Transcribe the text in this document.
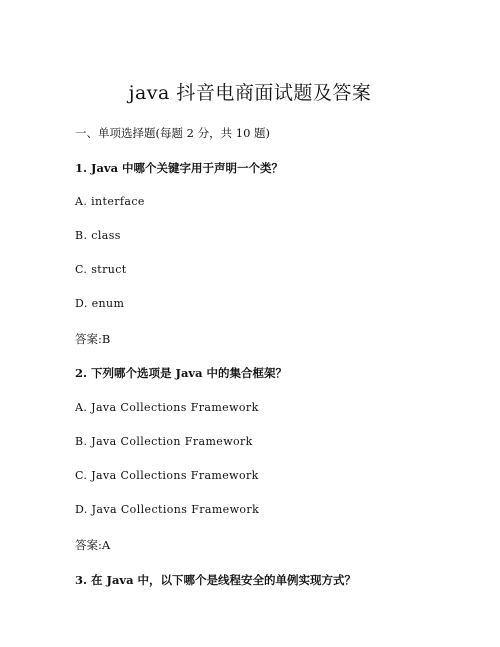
java 抖音电商面试题及答案
一、单项选择题(每题 2 分，共 10 题)
1. Java 中哪个关键字用于声明一个类？
A. interface
B. class
C. struct
D. enum
答案:B
2. 下列哪个选项是 Java 中的集合框架？
A. Java Collections Framework
B. Java Collection Framework
C. Java Collections Framework
D. Java Collections Framework
答案:A
3. 在 Java 中，以下哪个是线程安全的单例实现方式？
